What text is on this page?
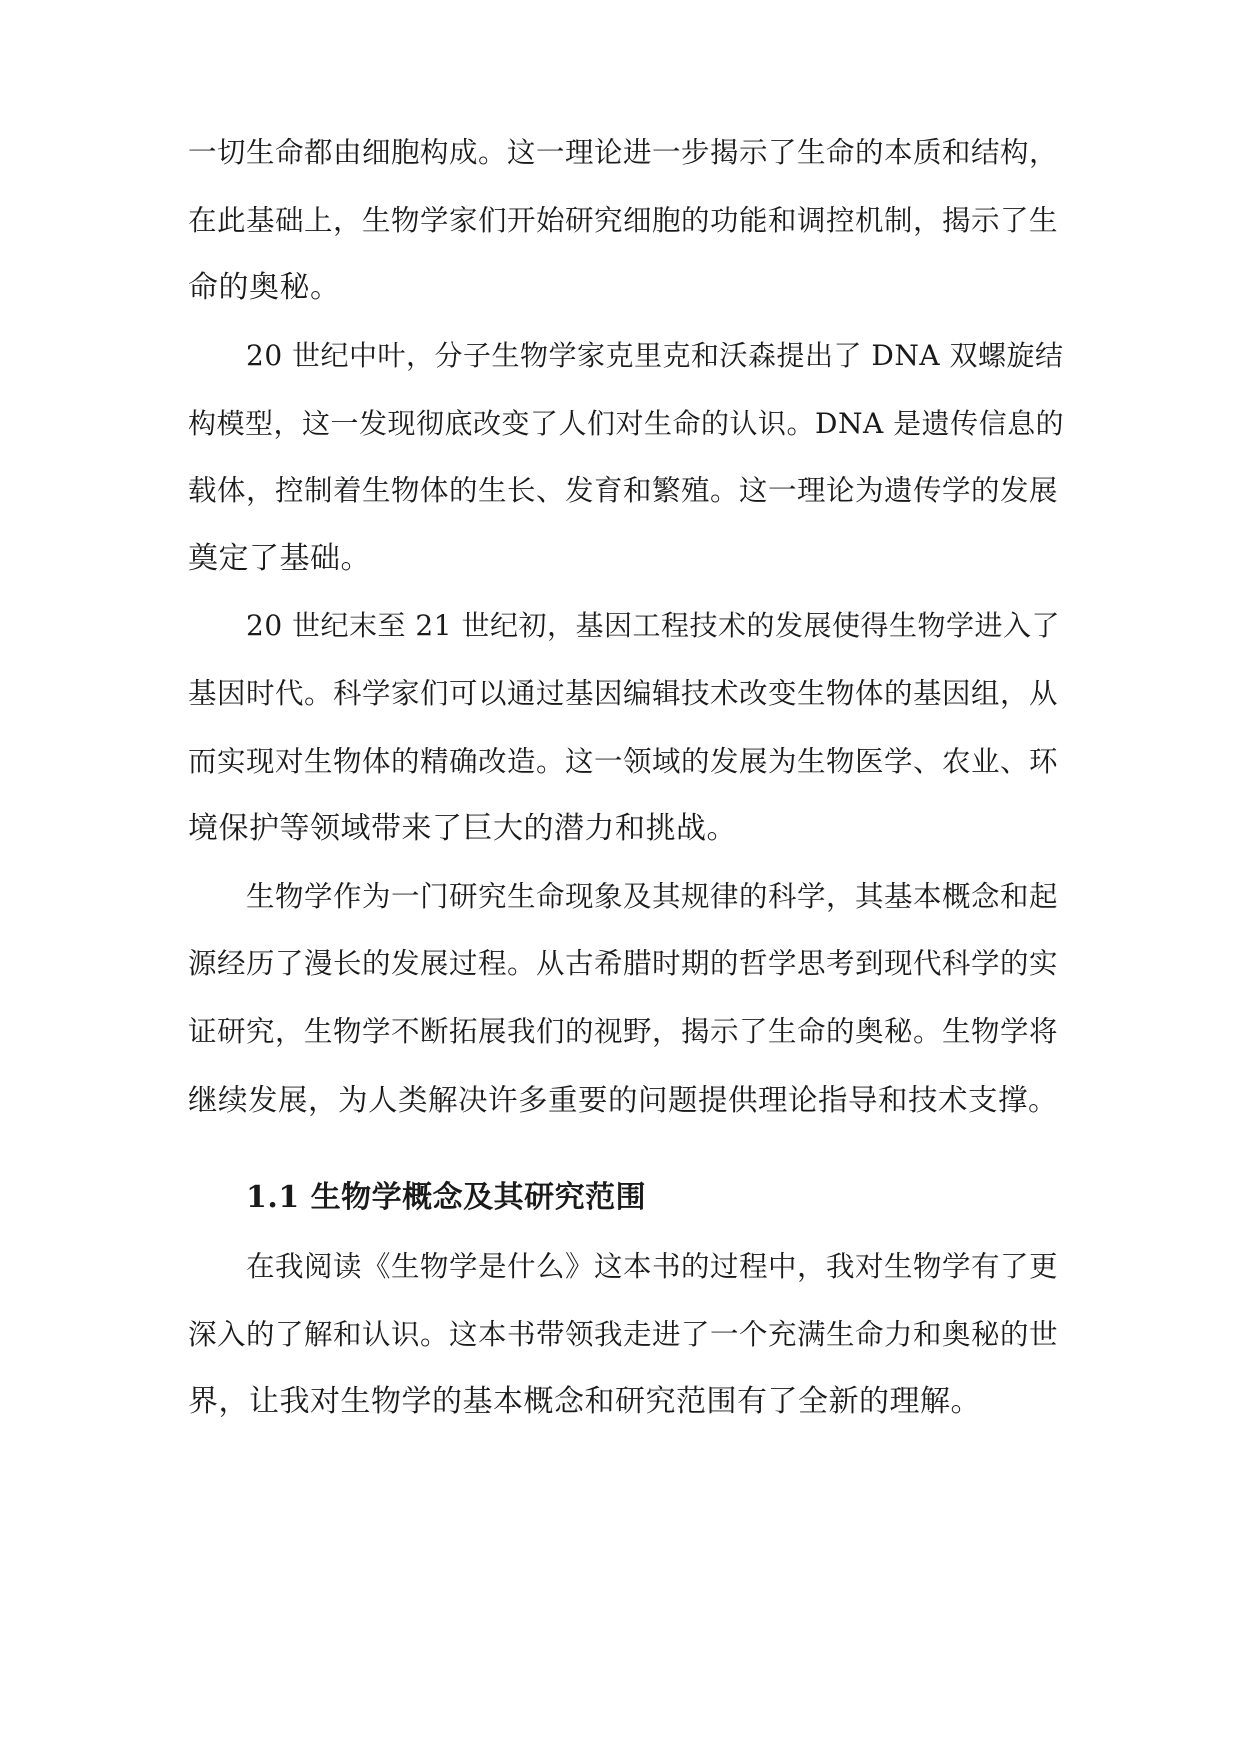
一切生命都由细胞构成。这一理论进一步揭示了生命的本质和结构，
在此基础上，生物学家们开始研究细胞的功能和调控机制，揭示了生
命的奥秘。
20 世纪中叶，分子生物学家克里克和沃森提出了 DNA 双螺旋结
构模型，这一发现彻底改变了人们对生命的认识。DNA 是遗传信息的
载体，控制着生物体的生长、发育和繁殖。这一理论为遗传学的发展
奠定了基础。
20 世纪末至 21 世纪初，基因工程技术的发展使得生物学进入了
基因时代。科学家们可以通过基因编辑技术改变生物体的基因组，从
而实现对生物体的精确改造。这一领域的发展为生物医学、农业、环
境保护等领域带来了巨大的潜力和挑战。
生物学作为一门研究生命现象及其规律的科学，其基本概念和起
源经历了漫长的发展过程。从古希腊时期的哲学思考到现代科学的实
证研究，生物学不断拓展我们的视野，揭示了生命的奥秘。生物学将
继续发展，为人类解决许多重要的问题提供理论指导和技术支撑。
1.1 生物学概念及其研究范围
在我阅读《生物学是什么》这本书的过程中，我对生物学有了更
深入的了解和认识。这本书带领我走进了一个充满生命力和奥秘的世
界，让我对生物学的基本概念和研究范围有了全新的理解。
